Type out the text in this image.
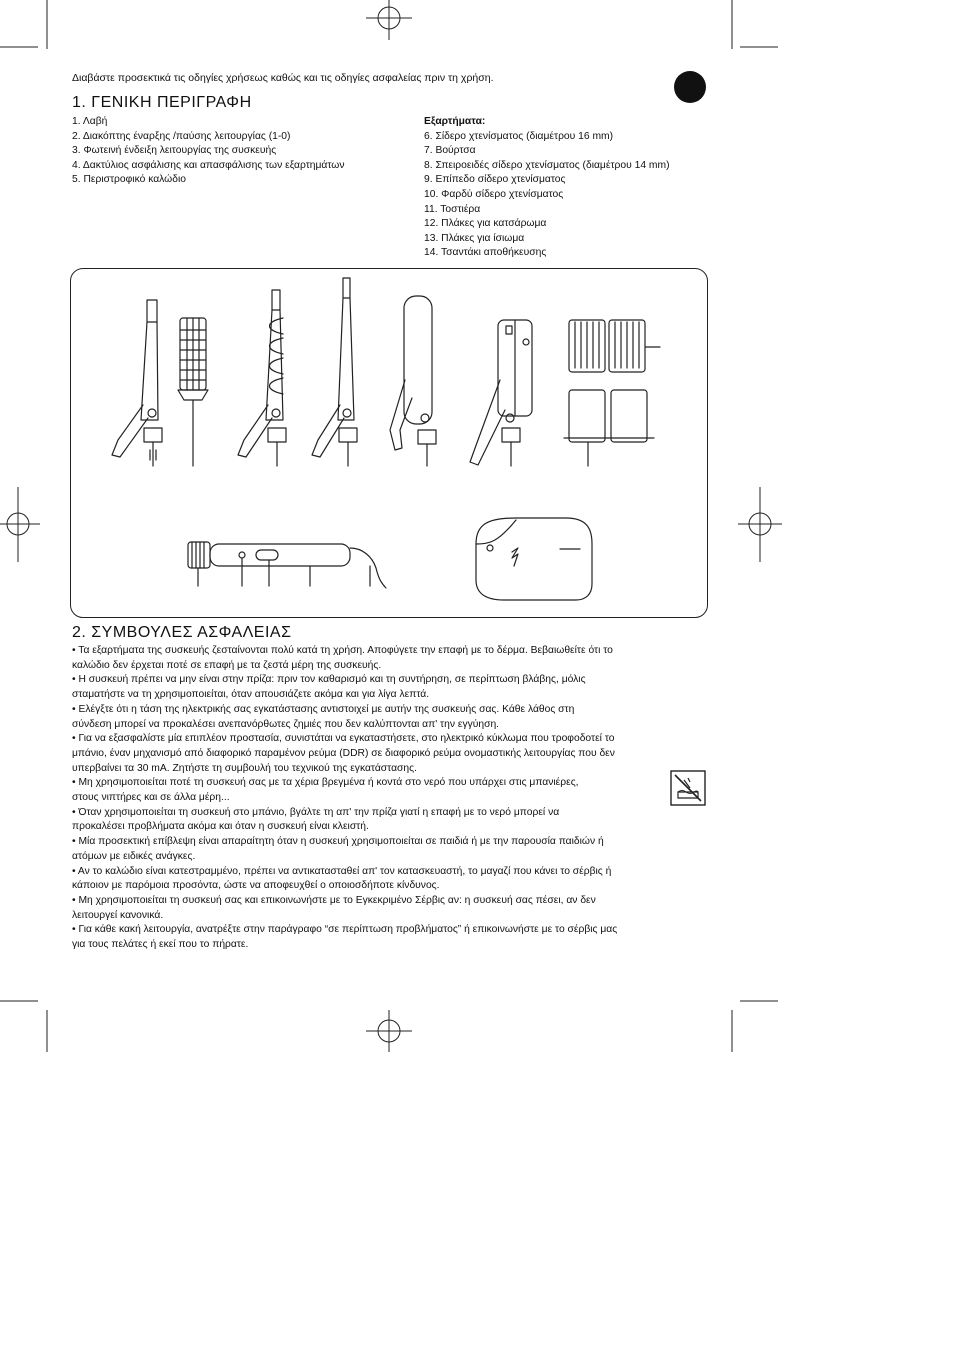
Διαβάστε προσεκτικά τις οδηγίες χρήσεως καθώς και τις οδηγίες ασφαλείας πριν τη χρήση.
1. ΓΕΝΙΚΗ ΠΕΡΙΓΡΑΦΗ
1. Λαβή
2. Διακόπτης έναρξης /παύσης λειτουργίας (1-0)
3. Φωτεινή ένδειξη λειτουργίας της συσκευής
4. Δακτύλιος ασφάλισης και απασφάλισης των εξαρτημάτων
5. Περιστροφικό καλώδιο
Εξαρτήματα:
6. Σίδερο χτενίσματος (διαμέτρου 16 mm)
7. Βούρτσα
8. Σπειροειδές σίδερο χτενίσματος (διαμέτρου 14 mm)
9. Επίπεδο σίδερο χτενίσματος
10. Φαρδύ σίδερο χτενίσματος
11. Τοστιέρα
12. Πλάκες για κατσάρωμα
13. Πλάκες για ίσιωμα
14. Τσαντάκι αποθήκευσης
2. ΣΥΜΒΟΥΛΕΣ ΑΣΦΑΛΕΙΑΣ

• Τα εξαρτήματα της συσκευής ζεσταίνονται πολύ κατά τη χρήση. Αποφύγετε την επαφή με το δέρμα. Βεβαιωθείτε ότι το
καλώδιο δεν έρχεται ποτέ σε επαφή με τα ζεστά μέρη της συσκευής.

• Η συσκευή πρέπει να μην είναι στην πρίζα: πριν τον καθαρισμό και τη συντήρηση, σε περίπτωση βλάβης, μόλις
σταματήστε να τη χρησιμοποιείται, όταν απουσιάζετε ακόμα και για λίγα λεπτά.

• Ελέγξτε ότι η τάση της ηλεκτρικής σας εγκατάστασης αντιστοιχεί με αυτήν της συσκευής σας. Κάθε λάθος στη
σύνδεση μπορεί να προκαλέσει ανεπανόρθωτες ζημιές που δεν καλύπτονται απ' την εγγύηση.

• Για να εξασφαλίστε μία επιπλέον προστασία, συνιστάται να εγκαταστήσετε, στο ηλεκτρικό κύκλωμα που τροφοδοτεί το
μπάνιο, έναν μηχανισμό από διαφορικό παραμένον ρεύμα (DDR) σε διαφορικό ρεύμα ονομαστικής λειτουργίας που δεν
υπερβαίνει τα 30 mA. Ζητήστε τη συμβουλή του τεχνικού της εγκατάστασης.

• Μη χρησιμοποιείται ποτέ τη συσκευή σας με τα χέρια βρεγμένα ή κοντά στο νερό που υπάρχει στις μπανιέρες,
στους νιπτήρες και σε άλλα μέρη...

• Όταν χρησιμοποιείται τη συσκευή στο μπάνιο, βγάλτε τη απ' την πρίζα γιατί η επαφή με το νερό μπορεί να
προκαλέσει προβλήματα ακόμα και όταν η συσκευή είναι κλειστή.

• Μία προσεκτική επίβλεψη είναι απαραίτητη όταν η συσκευή χρησιμοποιείται σε παιδιά ή με την παρουσία παιδιών ή
ατόμων με ειδικές ανάγκες.

• Αν το καλώδιο είναι κατεστραμμένο, πρέπει να αντικατασταθεί απ' τον κατασκευαστή, το μαγαζί που κάνει το σέρβις ή
κάποιον με παρόμοια προσόντα, ώστε να αποφευχθεί ο οποιοσδήποτε κίνδυνος.

• Μη χρησιμοποιείται τη συσκευή σας και επικοινωνήστε με το Εγκεκριμένο Σέρβις αν: η συσκευή σας πέσει, αν δεν
λειτουργεί κανονικά.

• Για κάθε κακή λειτουργία, ανατρέξτε στην παράγραφο “σε περίπτωση προβλήματος” ή επικοινωνήστε με το σέρβις μας
για τους πελάτες ή εκεί που το πήρατε.
